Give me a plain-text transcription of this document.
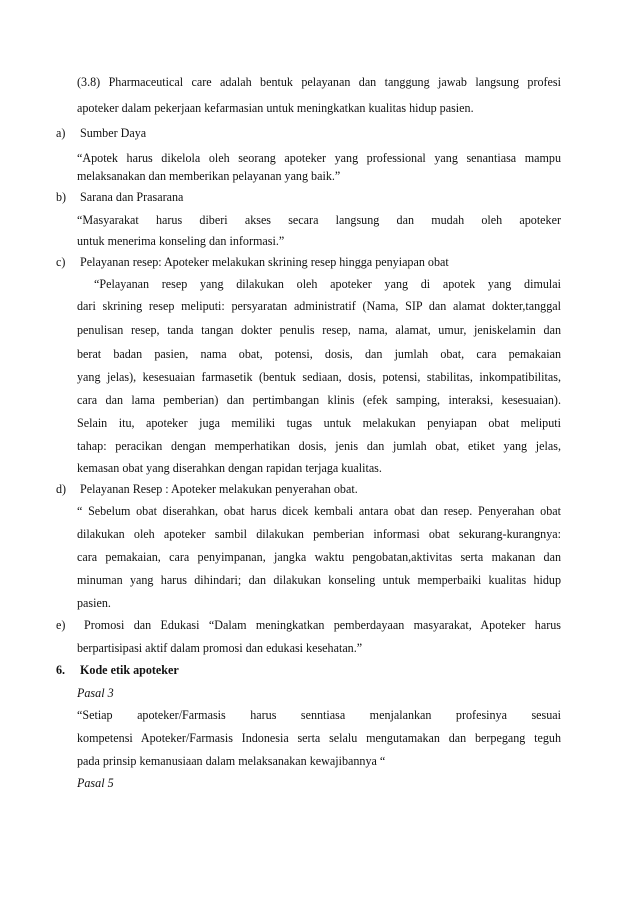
(3.8) Pharmaceutical care adalah bentuk pelayanan dan tanggung jawab langsung profesi
apoteker dalam pekerjaan kefarmasian untuk meningkatkan kualitas hidup pasien.
a) Sumber Daya
“Apotek harus dikelola oleh seorang apoteker yang professional yang senantiasa mampu
melaksanakan dan memberikan pelayanan yang baik.”
b) Sarana dan Prasarana
“Masyarakat harus diberi akses secara langsung dan mudah oleh apoteker
untuk menerima konseling dan informasi.”
c) Pelayanan resep: Apoteker melakukan skrining resep hingga penyiapan obat
“Pelayanan resep yang dilakukan oleh apoteker yang di apotek yang dimulai
dari skrining resep meliputi: persyaratan administratif (Nama, SIP dan alamat dokter,tanggal
penulisan resep, tanda tangan dokter penulis resep, nama, alamat, umur, jeniskelamin dan
berat badan pasien, nama obat, potensi, dosis, dan jumlah obat, cara pemakaian
yang jelas), kesesuaian farmasetik (bentuk sediaan, dosis, potensi, stabilitas, inkompatibilitas,
cara dan lama pemberian) dan pertimbangan klinis (efek samping, interaksi, kesesuaian).
Selain itu, apoteker juga memiliki tugas untuk melakukan penyiapan obat meliputi
tahap: peracikan dengan memperhatikan dosis, jenis dan jumlah obat, etiket yang jelas,
kemasan obat yang diserahkan dengan rapidan terjaga kualitas.
d) Pelayanan Resep : Apoteker melakukan penyerahan obat.
“ Sebelum obat diserahkan, obat harus dicek kembali antara obat dan resep. Penyerahan obat
dilakukan oleh apoteker sambil dilakukan pemberian informasi obat sekurang-kurangnya:
cara pemakaian, cara penyimpanan, jangka waktu pengobatan,aktivitas serta makanan dan
minuman yang harus dihindari; dan dilakukan konseling untuk memperbaiki kualitas hidup
pasien.
e) Promosi dan Edukasi “Dalam meningkatkan pemberdayaan masyarakat, Apoteker harus
berpartisipasi aktif dalam promosi dan edukasi kesehatan.”
6. Kode etik apoteker
Pasal 3
“Setiap apoteker/Farmasis harus senntiasa menjalankan profesinya sesuai
kompetensi Apoteker/Farmasis Indonesia serta selalu mengutamakan dan berpegang teguh
pada prinsip kemanusiaan dalam melaksanakan kewajibannya “
Pasal 5
